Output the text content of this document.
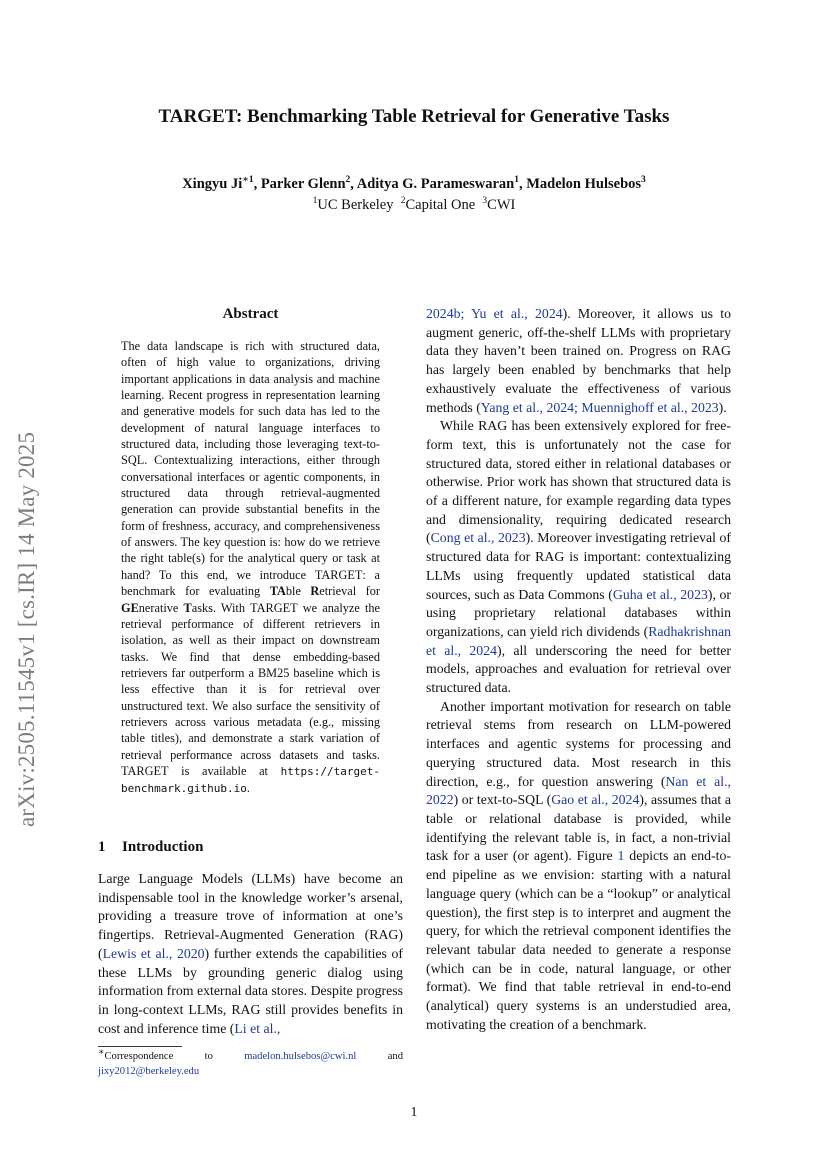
arXiv:2505.11545v1 [cs.IR] 14 May 2025
TARGET: Benchmarking Table Retrieval for Generative Tasks
Xingyu $Ji^{∗1}$, Parker Glenn$^2$, Aditya G. Parameswaran$^1$, Madelon Hulsebos$^3$
$^1$UC Berkeley $^2$Capital One $^3$CWI
Abstract
The data landscape is rich with structured data, often of high value to organizations, driving important applications in data analysis and machine learning. Recent progress in representation learning and generative models for such data has led to the development of natural language interfaces to structured data, including those leveraging text-to-SQL. Contextualizing interactions, either through conversational interfaces or agentic components, in structured data through retrieval-augmented generation can provide substantial benefits in the form of freshness, accuracy, and comprehensiveness of answers. The key question is: how do we retrieve the right table(s) for the analytical query or task at hand? To this end, we introduce TARGET: a benchmark for evaluating TAble Retrieval for GEnerative Tasks. With TARGET we analyze the retrieval performance of different retrievers in isolation, as well as their impact on downstream tasks. We find that dense embedding-based retrievers far outperform a BM25 baseline which is less effective than it is for retrieval over unstructured text. We also surface the sensitivity of retrievers across various metadata (e.g., missing table titles), and demonstrate a stark variation of retrieval performance across datasets and tasks. TARGET is available at https://target-benchmark.github.io.
1 Introduction
Large Language Models (LLMs) have become an indispensable tool in the knowledge worker’s arsenal, providing a treasure trove of information at one’s fingertips. Retrieval-Augmented Generation (RAG) (Lewis et al., 2020) further extends the capabilities of these LLMs by grounding generic dialog using information from external data stores. Despite progress in long-context LLMs, RAG still provides benefits in cost and inference time (Li et al.,

2024b; Yu et al., 2024). Moreover, it allows us to augment generic, off-the-shelf LLMs with proprietary data they haven’t been trained on. Progress on RAG has largely been enabled by benchmarks that help exhaustively evaluate the effectiveness of various methods (Yang et al., 2024; Muennighoff et al., 2023).

While RAG has been extensively explored for free-form text, this is unfortunately not the case for structured data, stored either in relational databases or otherwise. Prior work has shown that structured data is of a different nature, for example regarding data types and dimensionality, requiring dedicated research (Cong et al., 2023). Moreover investigating retrieval of structured data for RAG is important: contextualizing LLMs using frequently updated statistical data sources, such as Data Commons (Guha et al., 2023), or using proprietary relational databases within organizations, can yield rich dividends (Radhakrishnan et al., 2024), all underscoring the need for better models, approaches and evaluation for retrieval over structured data.

Another important motivation for research on table retrieval stems from research on LLM-powered interfaces and agentic systems for processing and querying structured data. Most research in this direction, e.g., for question answering (Nan et al., 2022) or text-to-SQL (Gao et al., 2024), assumes that a table or relational database is provided, while identifying the relevant table is, in fact, a non-trivial task for a user (or agent). Figure 1 depicts an end-to-end pipeline as we envision: starting with a natural language query (which can be a “lookup” or analytical question), the first step is to interpret and augment the query, for which the retrieval component identifies the relevant tabular data needed to generate a response (which can be in code, natural language, or other format). We find that table retrieval in end-to-end (analytical) query systems is an understudied area, motivating the creation of a benchmark.

∗Correspondence to madelon.hulsebos@cwi.nl and jixy2012@berkeley.edu
1
